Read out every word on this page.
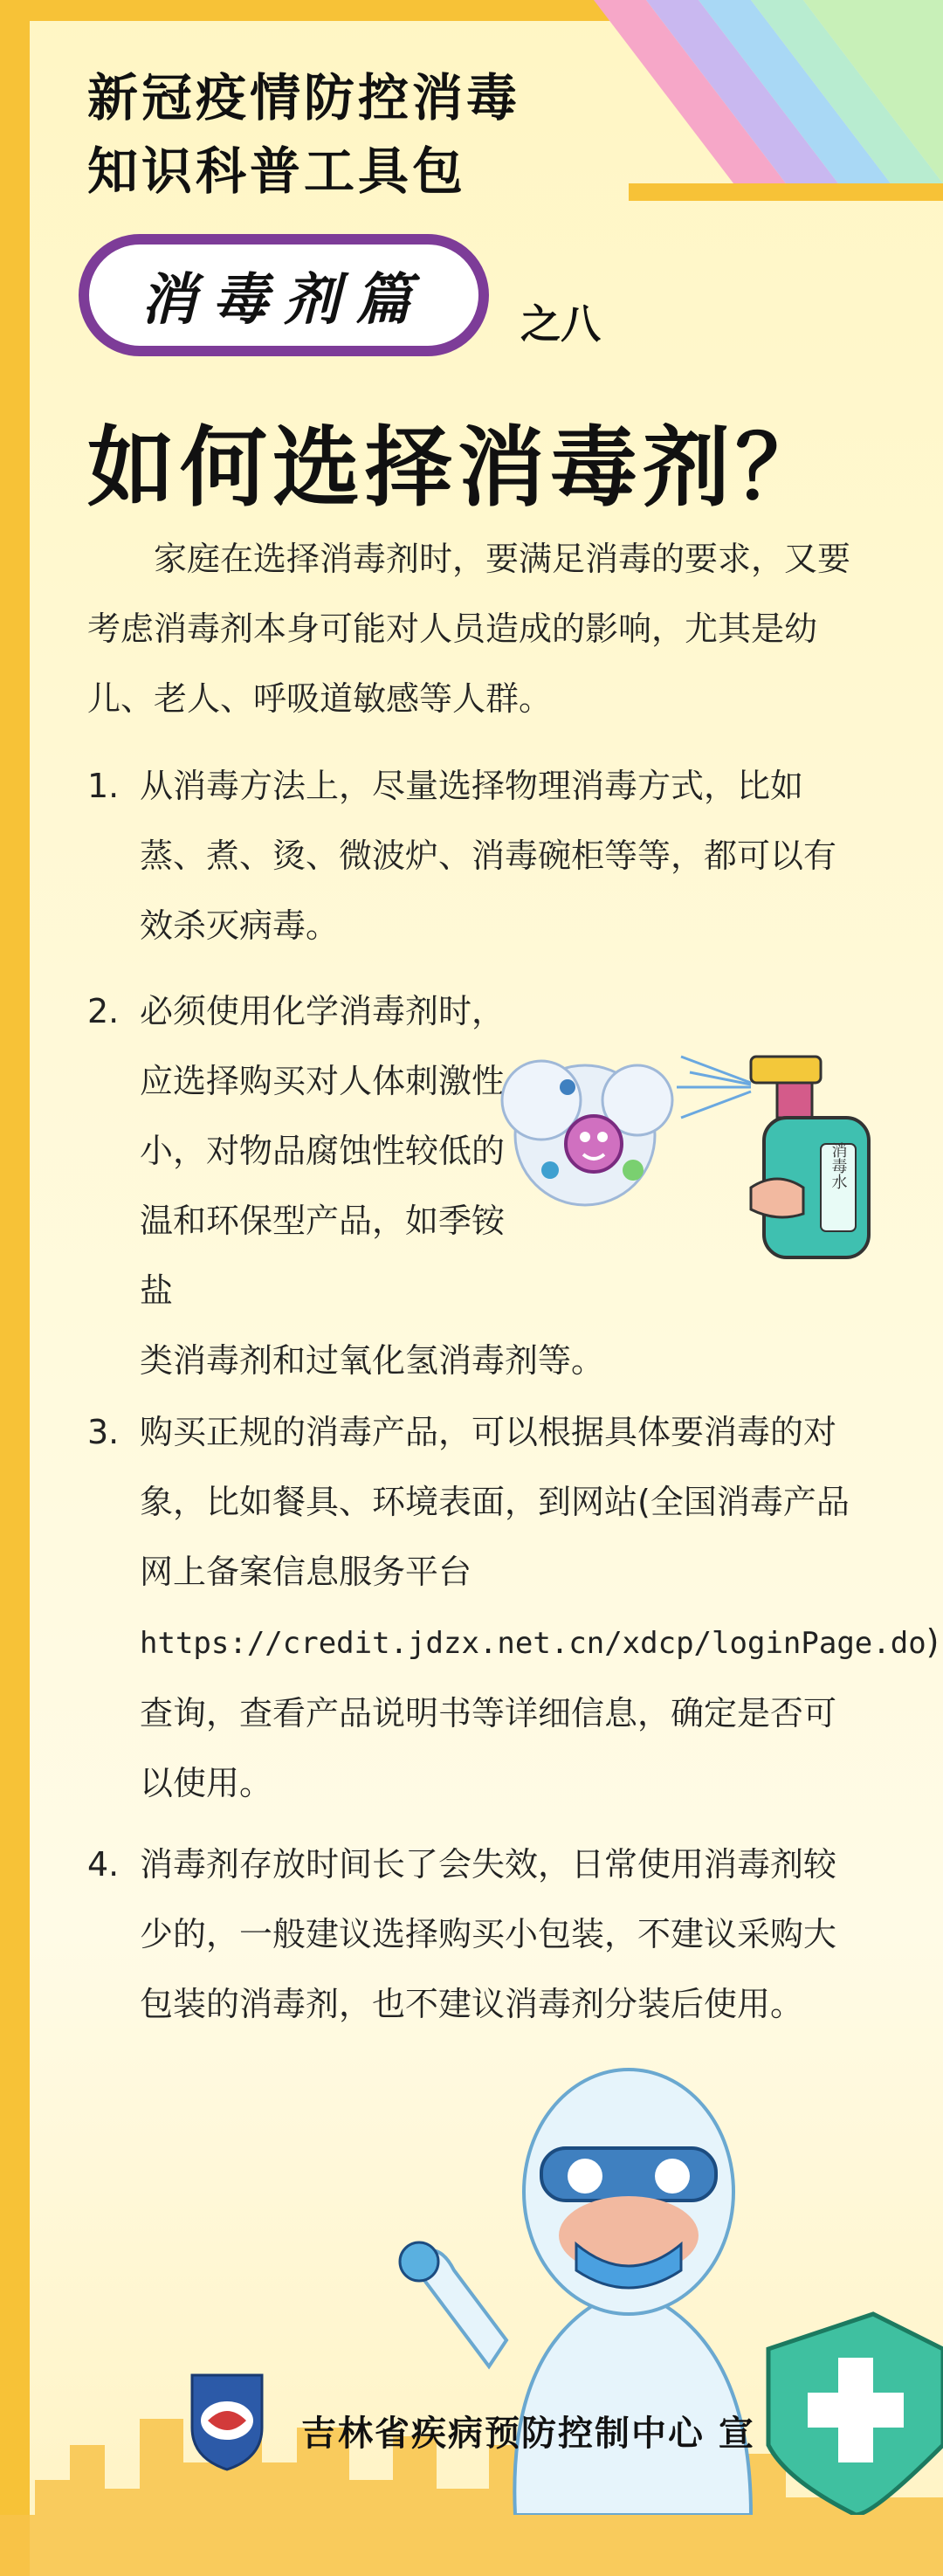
新冠疫情防控消毒
知识科普工具包
消毒剂篇 之八
如何选择消毒剂？
家庭在选择消毒剂时，要满足消毒的要求，又要考虑消毒剂本身可能对人员造成的影响，尤其是幼儿、老人、呼吸道敏感等人群。
1. 从消毒方法上，尽量选择物理消毒方式，比如蒸、煮、烫、微波炉、消毒碗柜等等，都可以有效杀灭病毒。
2. 必须使用化学消毒剂时，应选择购买对人体刺激性小，对物品腐蚀性较低的温和环保型产品，如季铵盐
类消毒剂和过氧化氢消毒剂等。
消毒水
3. 购买正规的消毒产品，可以根据具体要消毒的对象，比如餐具、环境表面，到网站(全国消毒产品网上备案信息服务平台
https://credit.jdzx.net.cn/xdcp/loginPage.do)查询，查看产品说明书等详细信息，确定是否可以使用。
4. 消毒剂存放时间长了会失效，日常使用消毒剂较少的，一般建议选择购买小包装，不建议采购大包装的消毒剂，也不建议消毒剂分装后使用。
吉林省疾病预防控制中心 宣
